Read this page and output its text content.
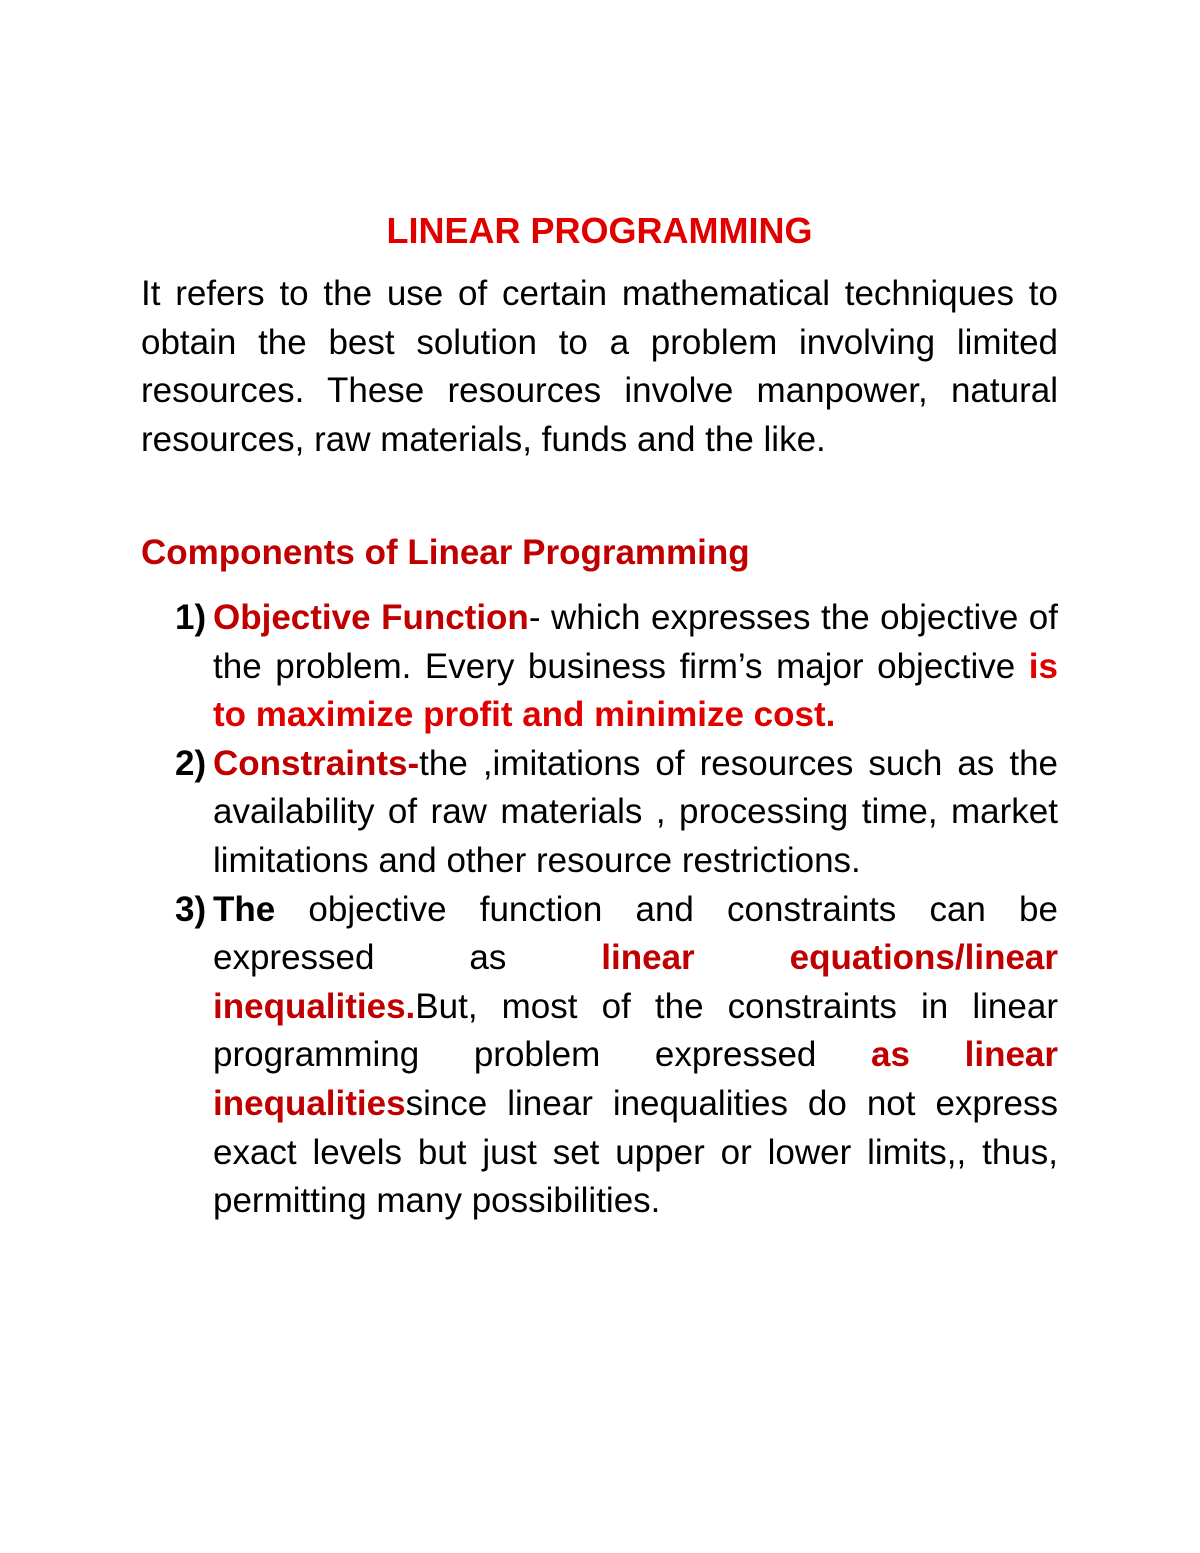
LINEAR PROGRAMMING

It refers to the use of certain mathematical techniques to obtain the best solution to a problem involving limited resources. These resources involve manpower, natural resources, raw materials, funds and the like.

Components of Linear Programming
1) Objective Function- which expresses the objective of the problem. Every business firm’s major objective is to maximize profit and minimize cost.
2) Constraints-the ,imitations of resources such as the availability of raw materials , processing time, market limitations and other resource restrictions.
3) The objective function and constraints can be expressed as linear equations/linear inequalities.But, most of the constraints in linear programming problem expressed as linear inequalitiessince linear inequalities do not express exact levels but just set upper or lower limits,, thus, permitting many possibilities.
